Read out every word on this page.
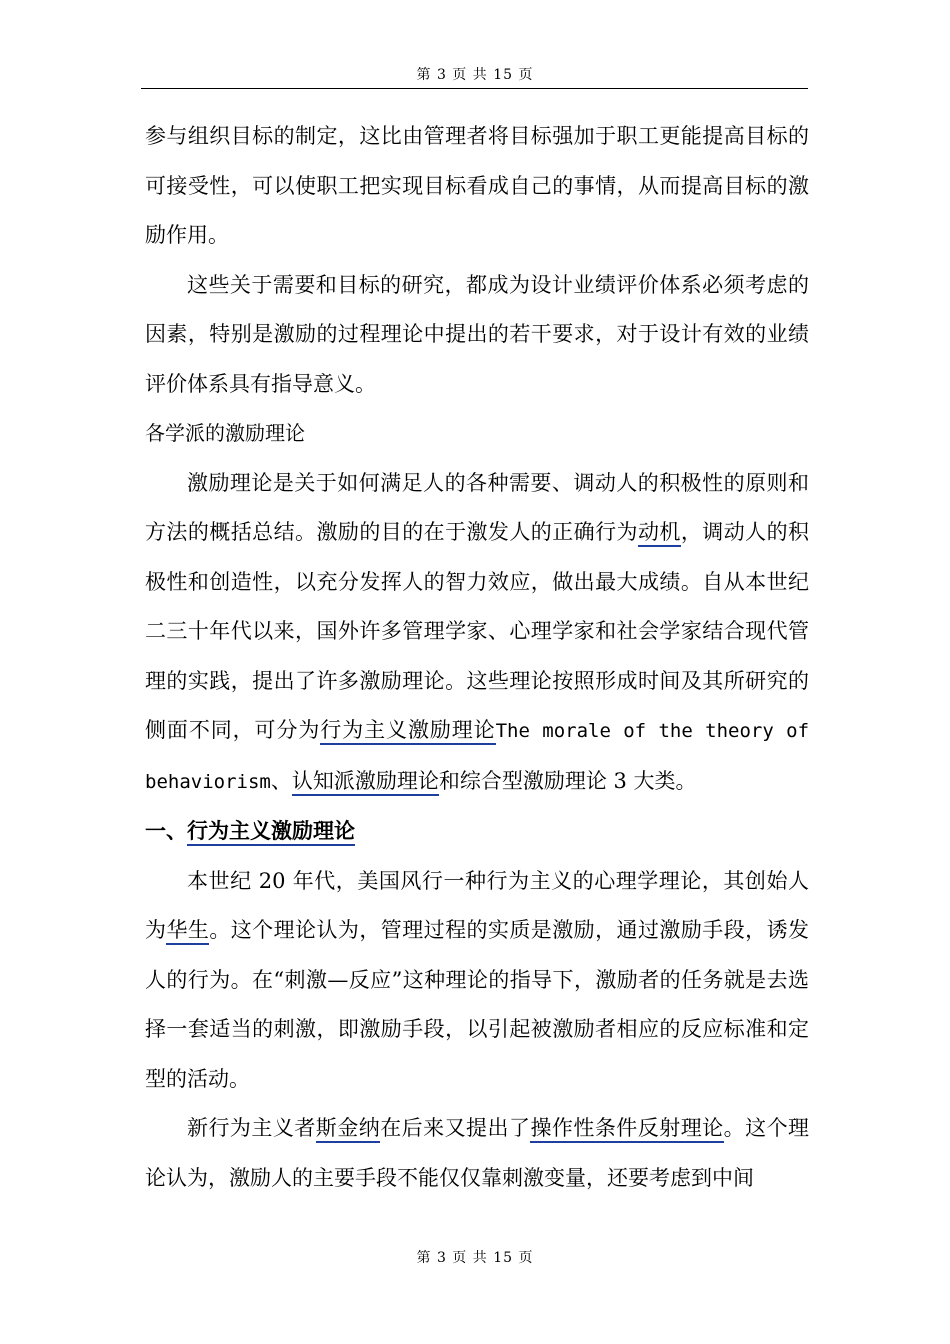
第 3 页 共 15 页

参与组织目标的制定，这比由管理者将目标强加于职工更能提高目标的可接受性，可以使职工把实现目标看成自己的事情，从而提高目标的激励作用。

这些关于需要和目标的研究，都成为设计业绩评价体系必须考虑的因素，特别是激励的过程理论中提出的若干要求，对于设计有效的业绩评价体系具有指导意义。

各学派的激励理论

激励理论是关于如何满足人的各种需要、调动人的积极性的原则和方法的概括总结。激励的目的在于激发人的正确行为动机，调动人的积极性和创造性，以充分发挥人的智力效应，做出最大成绩。自从本世纪二三十年代以来，国外许多管理学家、心理学家和社会学家结合现代管理的实践，提出了许多激励理论。这些理论按照形成时间及其所研究的侧面不同，可分为行为主义激励理论The morale of the theory of behaviorism、认知派激励理论和综合型激励理论 3 大类。

一、行为主义激励理论

本世纪 20 年代，美国风行一种行为主义的心理学理论，其创始人为华生。这个理论认为，管理过程的实质是激励，通过激励手段，诱发人的行为。在“刺激—反应”这种理论的指导下，激励者的任务就是去选择一套适当的刺激，即激励手段，以引起被激励者相应的反应标准和定型的活动。

新行为主义者斯金纳在后来又提出了操作性条件反射理论。这个理论认为，激励人的主要手段不能仅仅靠刺激变量，还要考虑到中间

第 3 页 共 15 页
